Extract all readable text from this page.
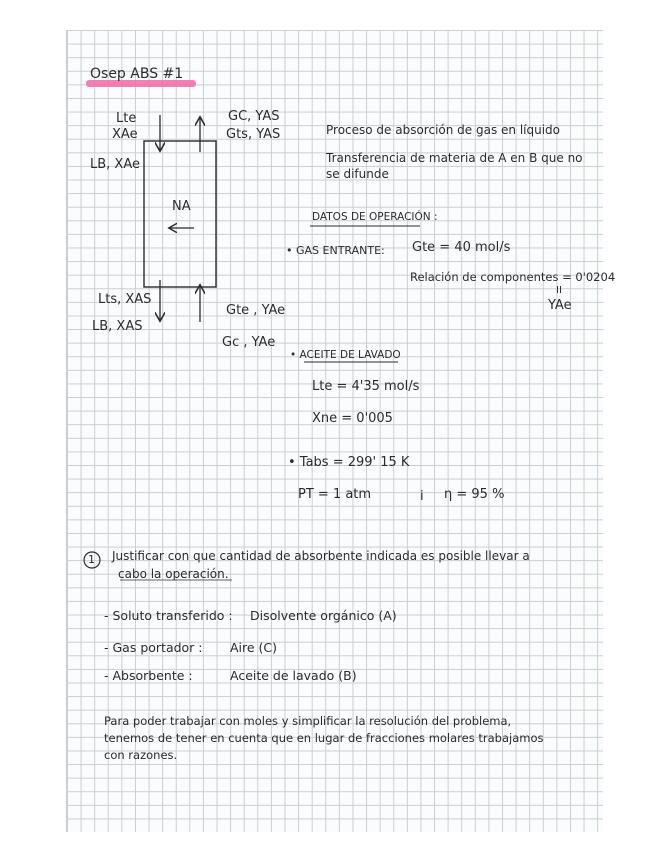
Osep ABS #1
Lte
XAe
LB, XAe
GC, YAS
Gts, YAS
NA
Lts, XAS
LB, XAS
Gte , YAe
Gc , YAe
Proceso de absorción de gas en líquido
Transferencia de materia de A en B que no
se difunde
DATOS DE OPERACIÓN :
• GAS ENTRANTE: Gte = 40 mol/s
Relación de componentes = 0'0204
II
YAe
• ACEITE DE LAVADO
Lte = 4'35 mol/s
Xne = 0'005
• Tabs = 299' 15 K
PT = 1 atm	i η = 95 %
1 Justificar con que cantidad de absorbente indicada es posible llevar a
cabo la operación.
- Soluto transferido : Disolvente orgánico (A)
- Gas portador : Aire (C)
- Absorbente :	Aceite de lavado (B)
Para poder trabajar con moles y simplificar la resolución del problema,
tenemos de tener en cuenta que en lugar de fracciones molares trabajamos
con razones.
